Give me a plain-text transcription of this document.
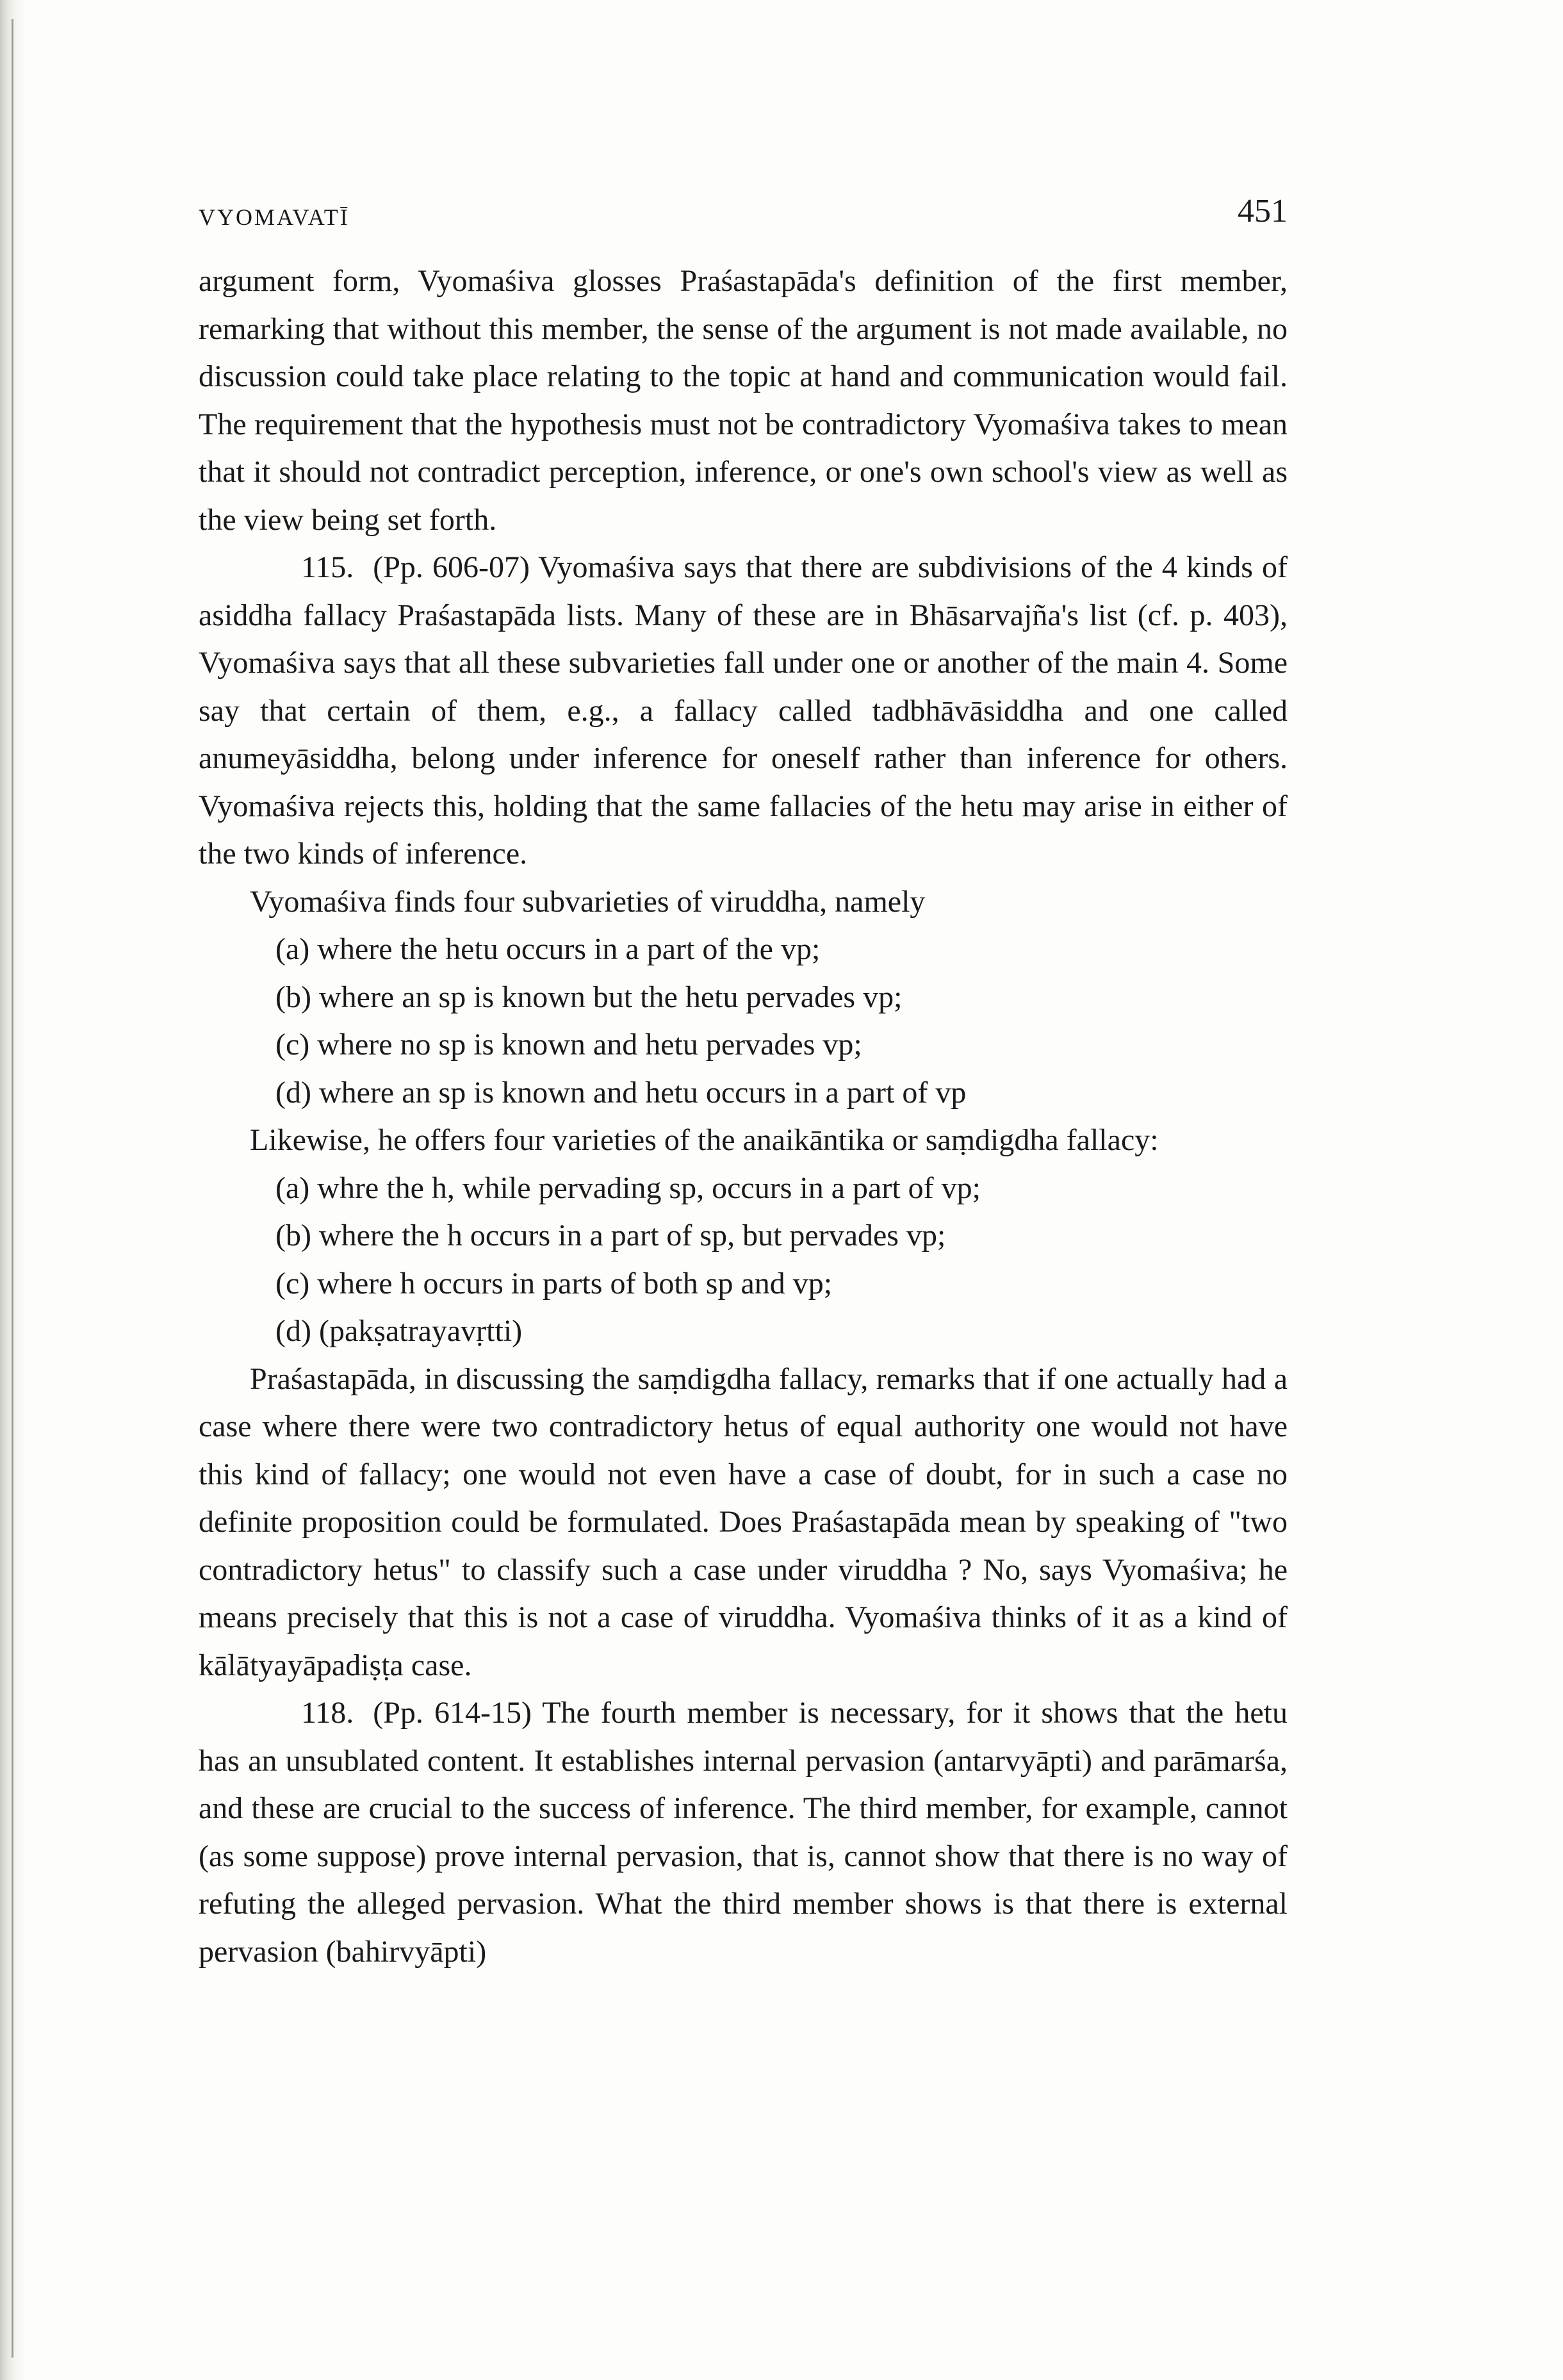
VYOMAVATĪ	451

argument form, Vyomaśiva glosses Praśastapāda's definition of the first member, remarking that without this member, the sense of the argument is not made available, no discussion could take place relating to the topic at hand and communication would fail. The requirement that the hypothesis must not be contradictory Vyomaśiva takes to mean that it should not contradict perception, inference, or one's own school's view as well as the view being set forth.

115. (Pp. 606-07) Vyomaśiva says that there are subdivisions of the 4 kinds of asiddha fallacy Praśastapāda lists. Many of these are in Bhāsarvajña's list (cf. p. 403), Vyomaśiva says that all these subvarieties fall under one or another of the main 4. Some say that certain of them, e.g., a fallacy called tadbhāvāsiddha and one called anumeyāsiddha, belong under inference for oneself rather than inference for others. Vyomaśiva rejects this, holding that the same fallacies of the hetu may arise in either of the two kinds of inference.

Vyomaśiva finds four subvarieties of viruddha, namely

(a) where the hetu occurs in a part of the vp;

(b) where an sp is known but the hetu pervades vp;

(c) where no sp is known and hetu pervades vp;

(d) where an sp is known and hetu occurs in a part of vp

Likewise, he offers four varieties of the anaikāntika or saṃdigdha fallacy:

(a) whre the h, while pervading sp, occurs in a part of vp;

(b) where the h occurs in a part of sp, but pervades vp;

(c) where h occurs in parts of both sp and vp;

(d) (pakṣatrayavṛtti)

Praśastapāda, in discussing the saṃdigdha fallacy, remarks that if one actually had a case where there were two contradictory hetus of equal authority one would not have this kind of fallacy; one would not even have a case of doubt, for in such a case no definite proposition could be formulated. Does Praśastapāda mean by speaking of "two contradictory hetus" to classify such a case under viruddha ? No, says Vyomaśiva; he means precisely that this is not a case of viruddha. Vyomaśiva thinks of it as a kind of kālātyayāpadiṣṭa case.

118. (Pp. 614-15) The fourth member is necessary, for it shows that the hetu has an unsublated content. It establishes internal pervasion (antarvyāpti) and parāmarśa, and these are crucial to the success of inference. The third member, for example, cannot (as some suppose) prove internal pervasion, that is, cannot show that there is no way of refuting the alleged pervasion. What the third member shows is that there is external pervasion (bahirvyāpti)
